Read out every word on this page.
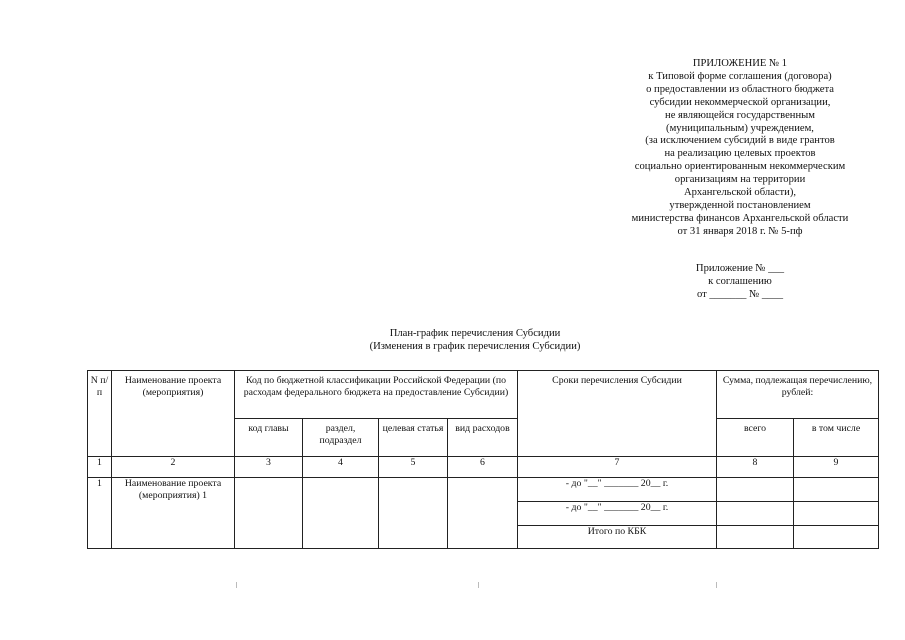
ПРИЛОЖЕНИЕ № 1
к Типовой форме соглашения (договора)
о предоставлении из областного бюджета
субсидии некоммерческой организации,
не являющейся государственным
(муниципальным) учреждением,
(за исключением субсидий в виде грантов
на реализацию целевых проектов
социально ориентированным некоммерческим
организациям на территории
Архангельской области),
утвержденной постановлением
министерства финансов Архангельской области
от 31 января 2018 г. № 5-пф
Приложение № ___
к соглашению
от _______ № ____
План-график перечисления Субсидии
(Изменения в график перечисления Субсидии)
N п/п	Наименование проекта (мероприятия)	Код по бюджетной классификации Российской Федерации (по расходам федерального бюджета на предоставление Субсидии)				Сроки перечисления Субсидии	Сумма, подлежащая перечислению, рублей:	
		код главы	раздел, подраздел	целевая статья	вид расходов		всего	в том числе
1	2	3	4	5	6	7	8	9
1	Наименование проекта (мероприятия) 1					- до "__" _______ 20__ г.		
						- до "__" _______ 20__ г.		
						Итого по КБК		
